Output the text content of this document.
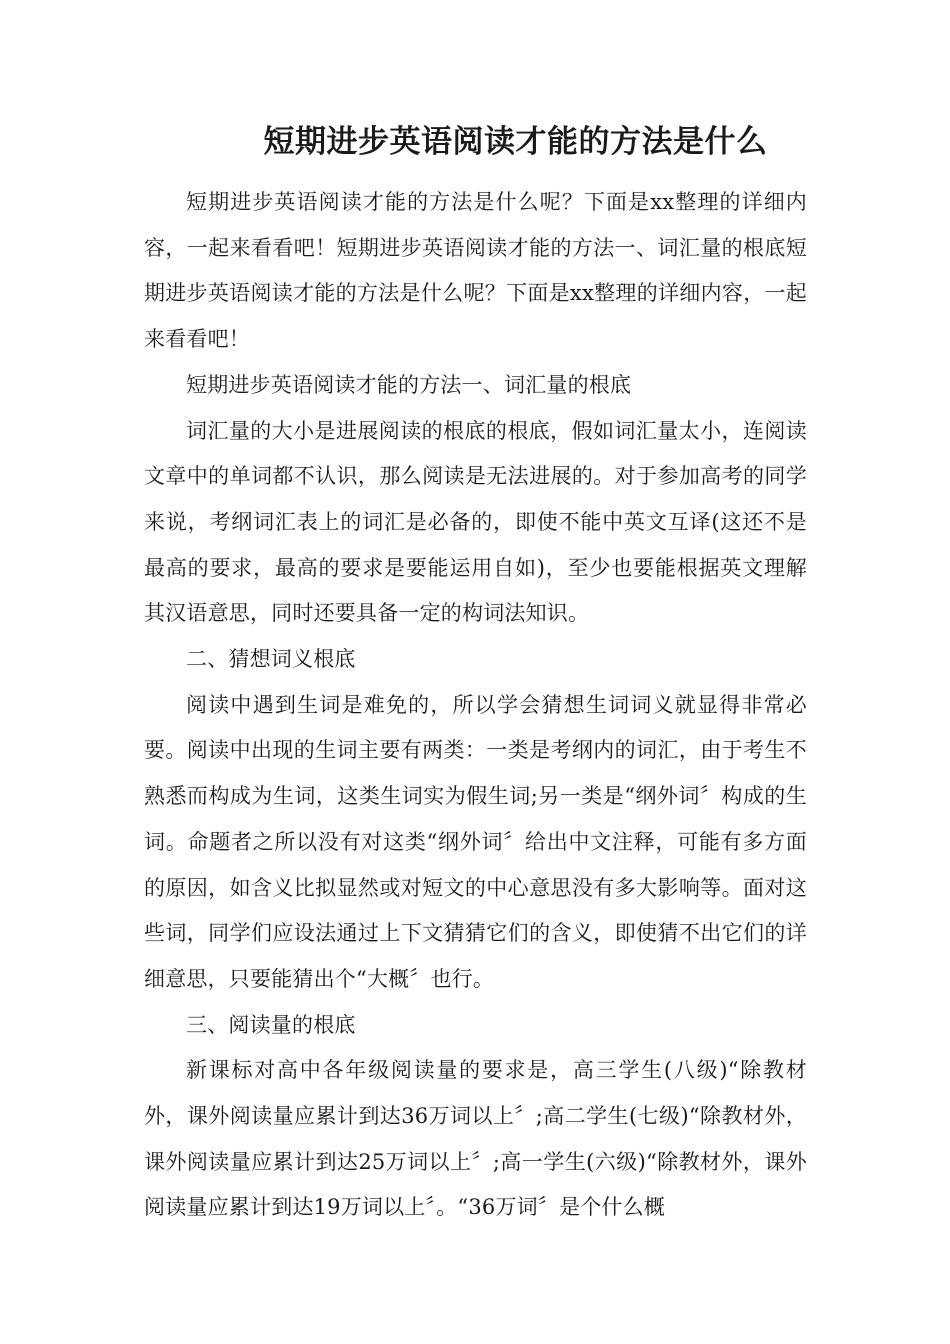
短期进步英语阅读才能的方法是什么

短期进步英语阅读才能的方法是什么呢？下面是xx整理的详细内容，一起来看看吧！短期进步英语阅读才能的方法一、词汇量的根底短期进步英语阅读才能的方法是什么呢？下面是xx整理的详细内容，一起来看看吧！

短期进步英语阅读才能的方法一、词汇量的根底

词汇量的大小是进展阅读的根底的根底，假如词汇量太小，连阅读文章中的单词都不认识，那么阅读是无法进展的。对于参加高考的同学来说，考纲词汇表上的词汇是必备的，即使不能中英文互译(这还不是最高的要求，最高的要求是要能运用自如)，至少也要能根据英文理解其汉语意思，同时还要具备一定的构词法知识。

二、猜想词义根底

阅读中遇到生词是难免的，所以学会猜想生词词义就显得非常必要。阅读中出现的生词主要有两类：一类是考纲内的词汇，由于考生不熟悉而构成为生词，这类生词实为假生词;另一类是“纲外词〞构成的生词。命题者之所以没有对这类“纲外词〞给出中文注释，可能有多方面的原因，如含义比拟显然或对短文的中心意思没有多大影响等。面对这些词，同学们应设法通过上下文猜猜它们的含义，即使猜不出它们的详细意思，只要能猜出个“大概〞也行。

三、阅读量的根底

新课标对高中各年级阅读量的要求是，高三学生(八级)“除教材外，课外阅读量应累计到达36万词以上〞;高二学生(七级)“除教材外，课外阅读量应累计到达25万词以上〞;高一学生(六级)“除教材外，课外阅读量应累计到达19万词以上〞。“36万词〞是个什么概
